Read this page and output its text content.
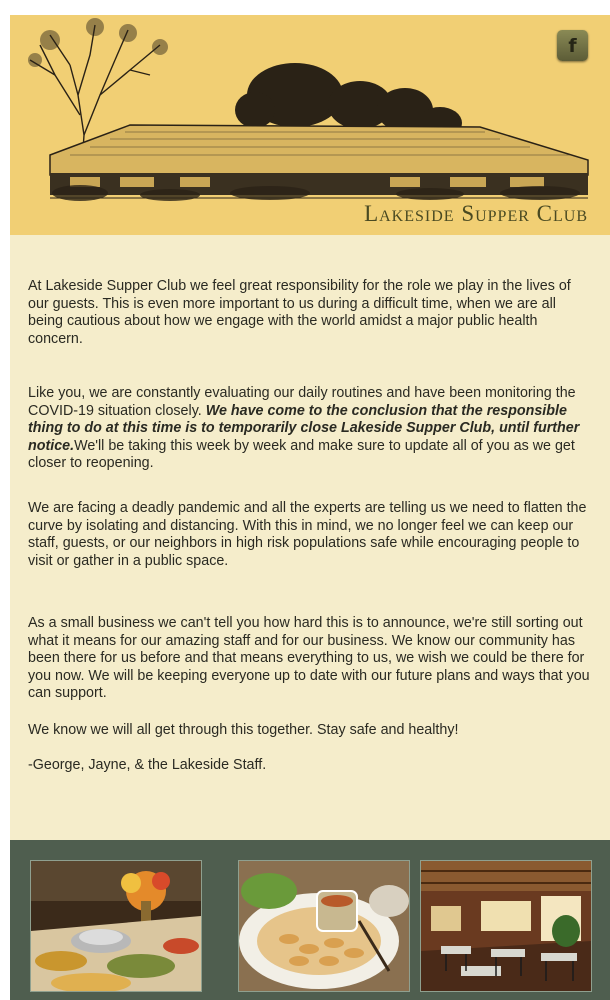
f
Lakeside Supper Club

At Lakeside Supper Club we feel great responsibility for the role we play in the lives of our guests. This is even more important to us during a difficult time, when we are all being cautious about how we engage with the world amidst a major public health concern.

Like you, we are constantly evaluating our daily routines and have been monitoring the COVID-19 situation closely. We have come to the conclusion that the responsible thing to do at this time is to temporarily close Lakeside Supper Club, until further notice.We'll be taking this week by week and make sure to update all of you as we get closer to reopening.

We are facing a deadly pandemic and all the experts are telling us we need to flatten the curve by isolating and distancing. With this in mind, we no longer feel we can keep our staff, guests, or our neighbors in high risk populations safe while encouraging people to visit or gather in a public space.

As a small business we can't tell you how hard this is to announce, we're still sorting out what it means for our amazing staff and for our business. We know our community has been there for us before and that means everything to us, we wish we could be there for you now. We will be keeping everyone up to date with our future plans and ways that you can support.

We know we will all get through this together. Stay safe and healthy!

-George, Jayne, & the Lakeside Staff.
